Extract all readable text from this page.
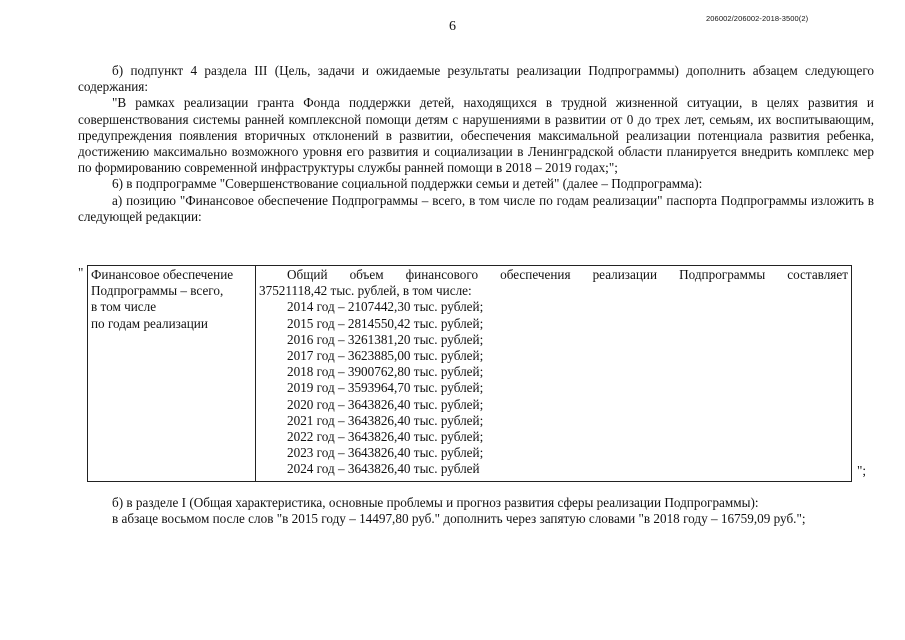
6
206002/206002-2018-3500(2)

б) подпункт 4 раздела III (Цель, задачи и ожидаемые результаты реализации Подпрограммы) дополнить абзацем следующего содержания:

"В рамках реализации гранта Фонда поддержки детей, находящихся в трудной жизненной ситуации, в целях развития и совершенствования системы ранней комплексной помощи детям с нарушениями в развитии от 0 до трех лет, семьям, их воспитывающим, предупреждения появления вторичных отклонений в развитии, обеспечения максимальной реализации потенциала развития ребенка, достижению максимально возможного уровня его развития и социализации в Ленинградской области планируется внедрить комплекс мер по формированию современной инфраструктуры службы ранней помощи в 2018 – 2019 годах;";

6) в подпрограмме "Совершенствование социальной поддержки семьи и детей" (далее – Подпрограмма):

а) позицию "Финансовое обеспечение Подпрограммы – всего, в том числе по годам реализации" паспорта Подпрограммы изложить в следующей редакции:

" Финансовое обеспечение
Подпрограммы – всего,
в том числе
по годам реализации

Общий объем финансового обеспечения реализации Подпрограммы составляет
37521118,42 тыс. рублей, в том числе:
2014 год – 2107442,30 тыс. рублей;
2015 год – 2814550,42 тыс. рублей;
2016 год – 3261381,20 тыс. рублей;
2017 год – 3623885,00 тыс. рублей;
2018 год – 3900762,80 тыс. рублей;
2019 год – 3593964,70 тыс. рублей;
2020 год – 3643826,40 тыс. рублей;
2021 год – 3643826,40 тыс. рублей;
2022 год – 3643826,40 тыс. рублей;
2023 год – 3643826,40 тыс. рублей;
2024 год – 3643826,40 тыс. рублей	";

б) в разделе I (Общая характеристика, основные проблемы и прогноз развития сферы реализации Подпрограммы):

в абзаце восьмом после слов "в 2015 году – 14497,80 руб." дополнить через запятую словами "в 2018 году – 16759,09 руб.";
